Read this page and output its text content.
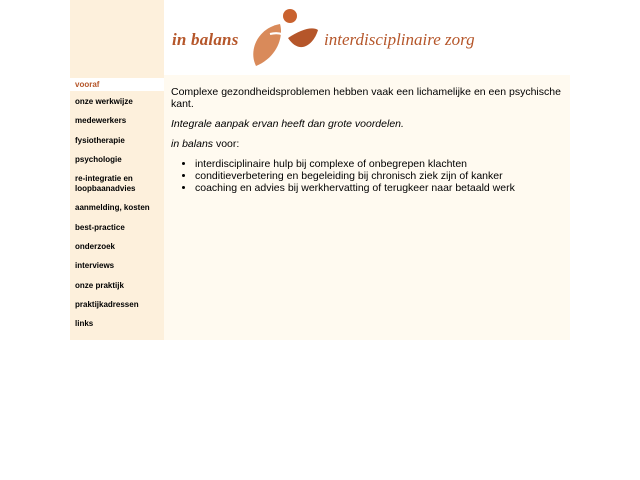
in balans	interdisciplinaire zorg
vooraf
onze werkwijze
medewerkers
fysiotherapie
psychologie
re-integratie en loopbaanadvies
aanmelding, kosten
best-practice
onderzoek
interviews
onze praktijk
praktijkadressen
links

Complexe gezondheidsproblemen hebben vaak een lichamelijke en een psychische kant.

Integrale aanpak ervan heeft dan grote voordelen.

in balans voor:

• interdisciplinaire hulp bij complexe of onbegrepen klachten
• conditieverbetering en begeleiding bij chronisch ziek zijn of kanker
• coaching en advies bij werkhervatting of terugkeer naar betaald werk
